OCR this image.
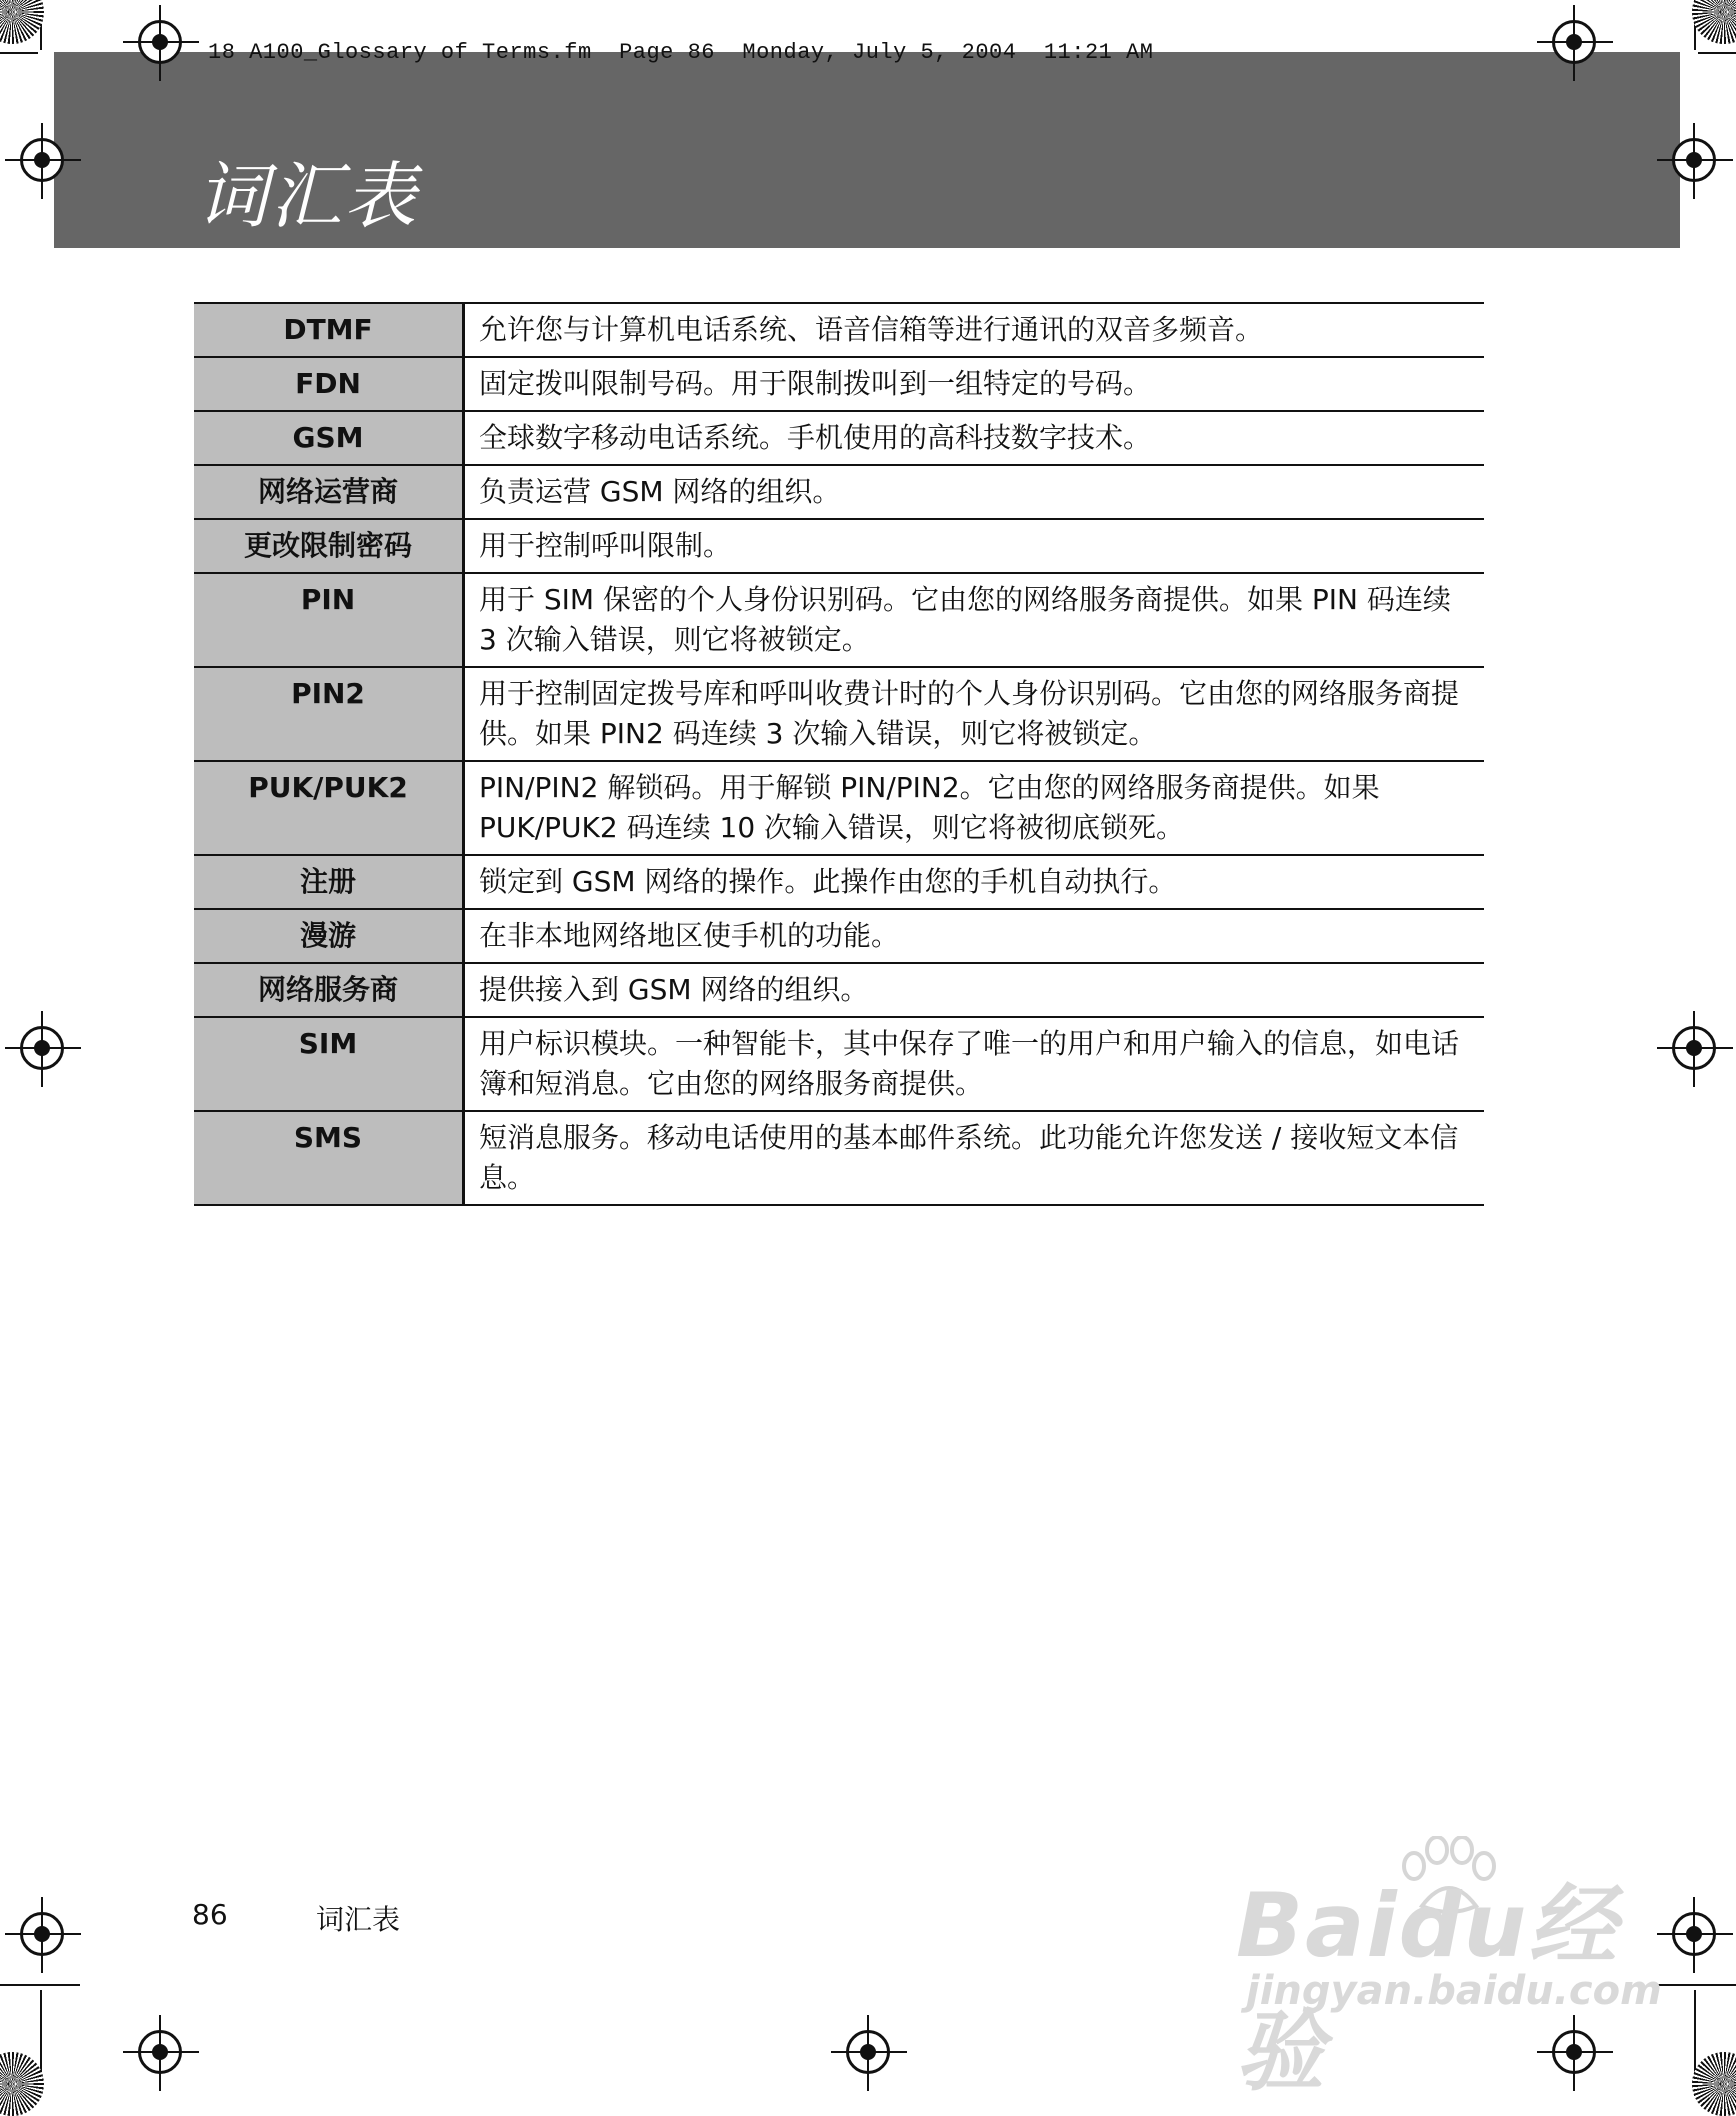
18 A100_Glossary of Terms.fm  Page 86  Monday, July 5, 2004  11:21 AM
词汇表
DTMF	允许您与计算机电话系统、语音信箱等进行通讯的双音多频音。
FDN	固定拨叫限制号码。用于限制拨叫到一组特定的号码。
GSM	全球数字移动电话系统。手机使用的高科技数字技术。
网络运营商	负责运营 GSM 网络的组织。
更改限制密码	用于控制呼叫限制。
PIN	用于 SIM 保密的个人身份识别码。它由您的网络服务商提供。如果 PIN 码连续 3 次输入错误，则它将被锁定。
PIN2	用于控制固定拨号库和呼叫收费计时的个人身份识别码。它由您的网络服务商提供。如果 PIN2 码连续 3 次输入错误，则它将被锁定。
PUK/PUK2	PIN/PIN2 解锁码。用于解锁 PIN/PIN2。它由您的网络服务商提供。如果 PUK/PUK2 码连续 10 次输入错误，则它将被彻底锁死。
注册	锁定到 GSM 网络的操作。此操作由您的手机自动执行。
漫游	在非本地网络地区使手机的功能。
网络服务商	提供接入到 GSM 网络的组织。
SIM	用户标识模块。一种智能卡，其中保存了唯一的用户和用户输入的信息，如电话簿和短消息。它由您的网络服务商提供。
SMS	短消息服务。移动电话使用的基本邮件系统。此功能允许您发送 / 接收短文本信息。
86	词汇表	Baidu经验
jingyan.baidu.com
